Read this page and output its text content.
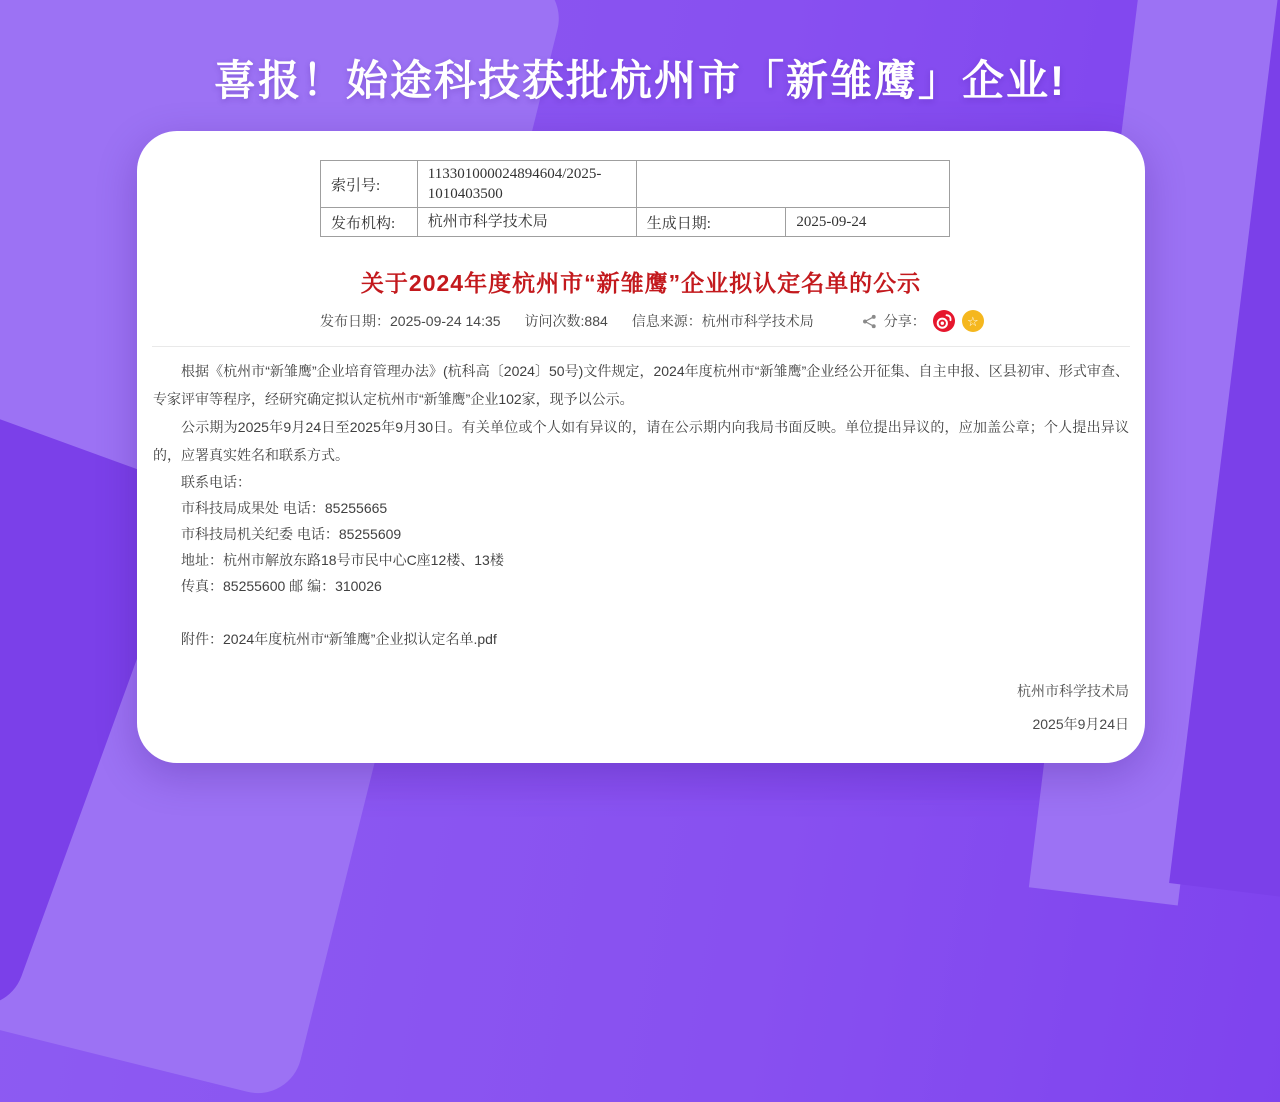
喜报！始途科技获批杭州市「新雏鹰」企业!
索引号:	113301000024894604/2025-1010403500		
发布机构:	杭州市科学技术局	生成日期:	2025-09-24
关于2024年度杭州市“新雏鹰”企业拟认定名单的公示
发布日期：2025-09-24 14:35 访问次数:884 信息来源：杭州市科学技术局	分享：	☆

根据《杭州市“新雏鹰”企业培育管理办法》(杭科高〔2024〕50号)文件规定，2024年度杭州市“新雏鹰”企业经公开征集、自主申报、区县初审、形式审查、专家评审等程序，经研究确定拟认定杭州市“新雏鹰”企业102家，现予以公示。

公示期为2025年9月24日至2025年9月30日。有关单位或个人如有异议的，请在公示期内向我局书面反映。单位提出异议的，应加盖公章；个人提出异议的，应署真实姓名和联系方式。

联系电话：
市科技局成果处 电话：85255665
市科技局机关纪委 电话：85255609
地址：杭州市解放东路18号市民中心C座12楼、13楼
传真：85255600 邮 编：310026
附件：2024年度杭州市“新雏鹰”企业拟认定名单.pdf
杭州市科学技术局
2025年9月24日
